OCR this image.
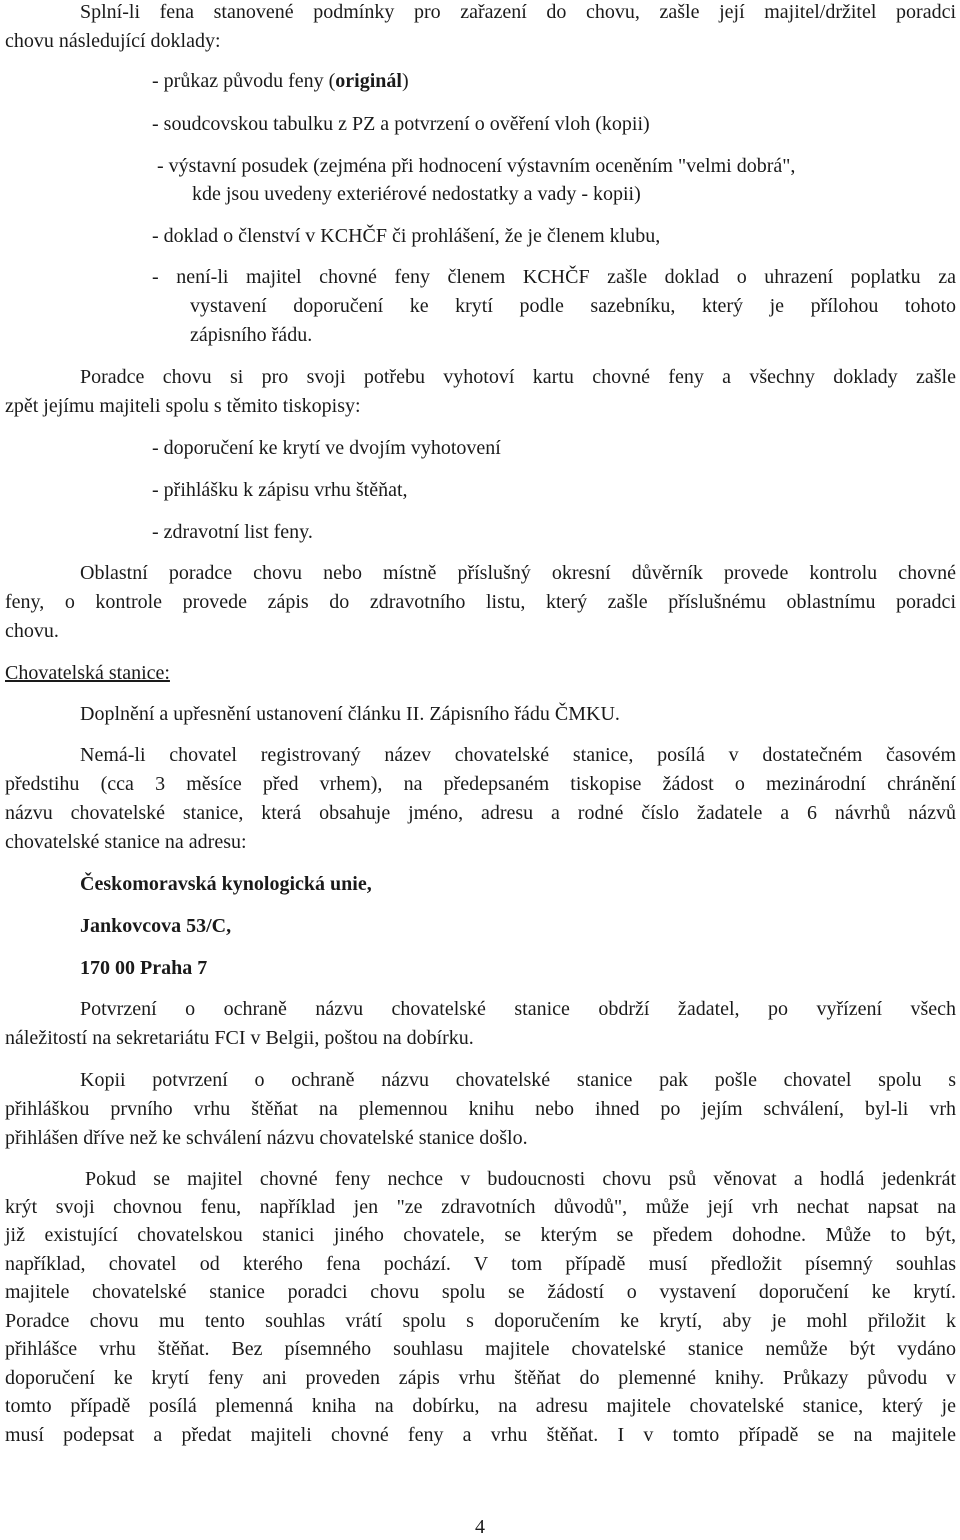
Splní-li fena stanovené podmínky pro zařazení do chovu, zašle její majitel/držitel poradci
chovu následující doklady:
- průkaz původu feny (originál)
- soudcovskou tabulku z PZ a potvrzení o ověření vloh (kopii)
- výstavní posudek (zejména při hodnocení výstavním oceněním "velmi dobrá",
kde jsou uvedeny exteriérové nedostatky a vady - kopii)
- doklad o členství v KCHČF či prohlášení, že je členem klubu,
- není-li majitel chovné feny členem KCHČF zašle doklad o uhrazení poplatku za
vystavení doporučení ke krytí podle sazebníku, který je přílohou tohoto
zápisního řádu.
Poradce chovu si pro svoji potřebu vyhotoví kartu chovné feny a všechny doklady zašle
zpět jejímu majiteli spolu s těmito tiskopisy:
- doporučení ke krytí ve dvojím vyhotovení
- přihlášku k zápisu vrhu štěňat,
- zdravotní list feny.
Oblastní poradce chovu nebo místně příslušný okresní důvěrník provede kontrolu chovné
feny, o kontrole provede zápis do zdravotního listu, který zašle příslušnému oblastnímu poradci
chovu.
Chovatelská stanice:
Doplnění a upřesnění ustanovení článku II. Zápisního řádu ČMKU.
Nemá-li chovatel registrovaný název chovatelské stanice, posílá v dostatečném časovém
předstihu (cca 3 měsíce před vrhem), na předepsaném tiskopise žádost o mezinárodní chránění
názvu chovatelské stanice, která obsahuje jméno, adresu a rodné číslo žadatele a 6 návrhů názvů
chovatelské stanice na adresu:
Českomoravská kynologická unie,
Jankovcova 53/C,
170 00 Praha 7
Potvrzení o ochraně názvu chovatelské stanice obdrží žadatel, po vyřízení všech
náležitostí na sekretariátu FCI v Belgii, poštou na dobírku.
Kopii potvrzení o ochraně názvu chovatelské stanice pak pošle chovatel spolu s
přihláškou prvního vrhu štěňat na plemennou knihu nebo ihned po jejím schválení, byl-li vrh
přihlášen dříve než ke schválení názvu chovatelské stanice došlo.
Pokud se majitel chovné feny nechce v budoucnosti chovu psů věnovat a hodlá jedenkrát
krýt svoji chovnou fenu, například jen "ze zdravotních důvodů", může její vrh nechat napsat na
již existující chovatelskou stanici jiného chovatele, se kterým se předem dohodne. Může to být,
například, chovatel od kterého fena pochází. V tom případě musí předložit písemný souhlas
majitele chovatelské stanice poradci chovu spolu se žádostí o vystavení doporučení ke krytí.
Poradce chovu mu tento souhlas vrátí spolu s doporučením ke krytí, aby je mohl přiložit k
přihlášce vrhu štěňat. Bez písemného souhlasu majitele chovatelské stanice nemůže být vydáno
doporučení ke krytí feny ani proveden zápis vrhu štěňat do plemenné knihy. Průkazy původu v
tomto případě posílá plemenná kniha na dobírku, na adresu majitele chovatelské stanice, který je
musí podepsat a předat majiteli chovné feny a vrhu štěňat. I v tomto případě se na majitele
4
